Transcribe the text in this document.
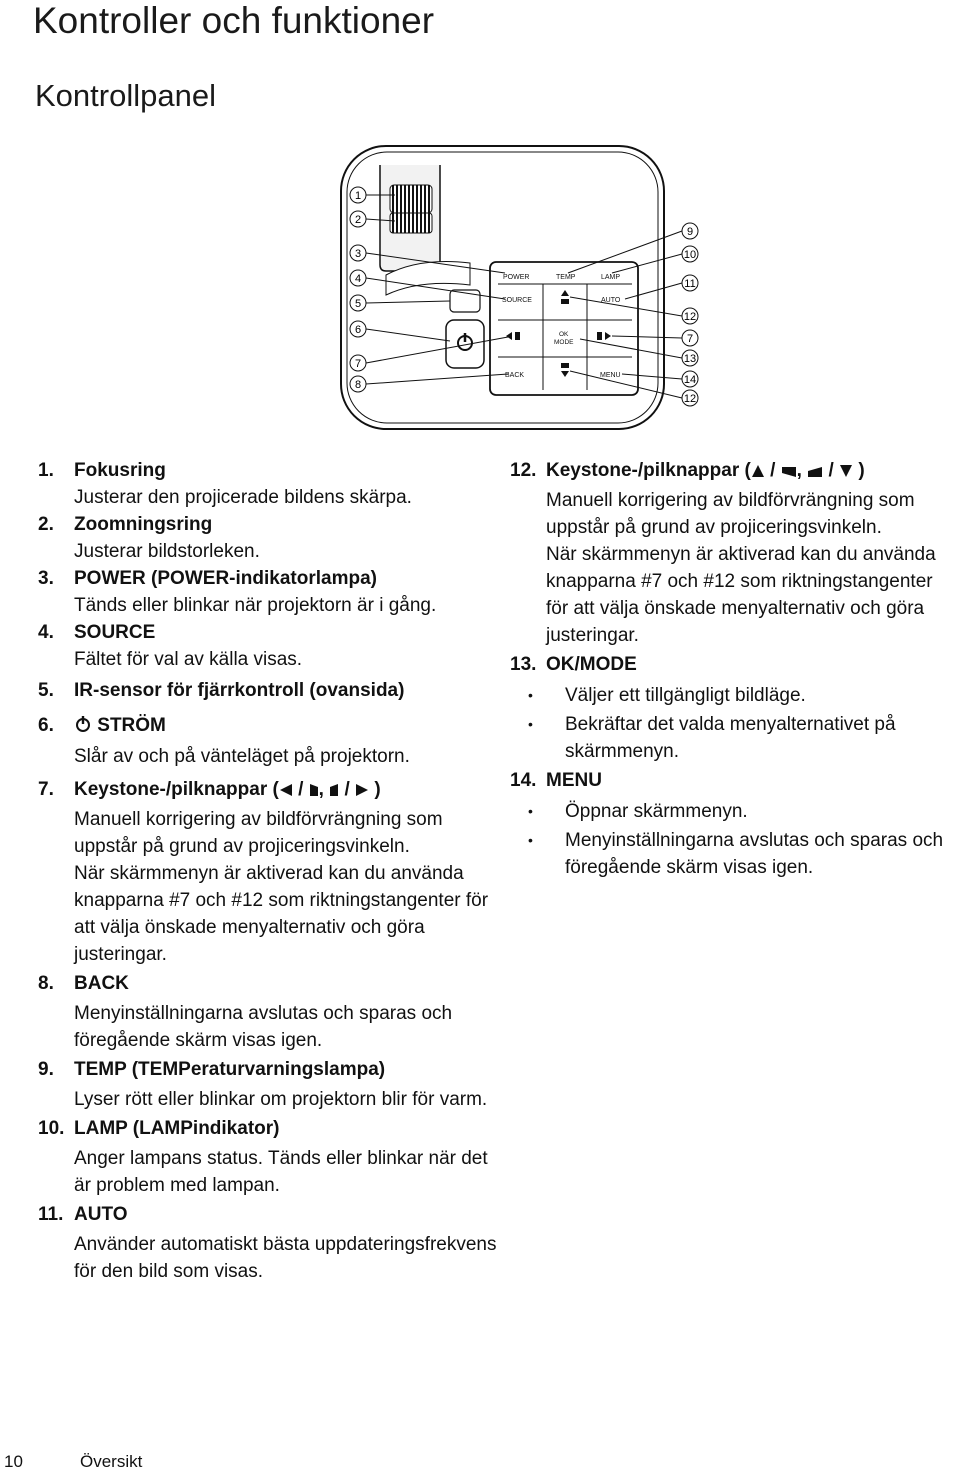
Kontroller och funktioner
Kontrollpanel
POWER	TEMP	LAMP
SOURCE	AUTO
OK
MODE
BACK	MENU
1
2
3
4
5
6
7
8
9
10
11
12
7
13
14
12
1. Fokusring
Justerar den projicerade bildens skärpa.
2. Zoomningsring
Justerar bildstorleken.
3. POWER (POWER-indikatorlampa)
Tänds eller blinkar när projektorn är i gång.
4. SOURCE
Fältet för val av källa visas.
5. IR-sensor för fjärrkontroll (ovansida)
6.	STRÖM
Slår av och på vänteläget på projektorn.
7. Keystone-/pilknappar ( / , / )
Manuell korrigering av bildförvrängning som uppstår på grund av projiceringsvinkeln.
När skärmmenyn är aktiverad kan du använda knapparna #7 och #12 som riktningstangenter för att välja önskade menyalternativ och göra justeringar.
8. BACK
Menyinställningarna avslutas och sparas och föregående skärm visas igen.
9. TEMP (TEMPeraturvarningslampa)
Lyser rött eller blinkar om projektorn blir för varm.
10. LAMP (LAMPindikator)
Anger lampans status. Tänds eller blinkar när det är problem med lampan.
11. AUTO
Använder automatiskt bästa uppdateringsfrekvens för den bild som visas.
12. Keystone-/pilknappar ( / , / )
Manuell korrigering av bildförvrängning som uppstår på grund av projiceringsvinkeln.
När skärmmenyn är aktiverad kan du använda knapparna #7 och #12 som riktningstangenter för att välja önskade menyalternativ och göra justeringar.
13. OK/MODE
• Väljer ett tillgängligt bildläge.
• Bekräftar det valda menyalternativet på skärmmenyn.
14. MENU
• Öppnar skärmmenyn.
• Menyinställningarna avslutas och sparas och föregående skärm visas igen.
10	Översikt
